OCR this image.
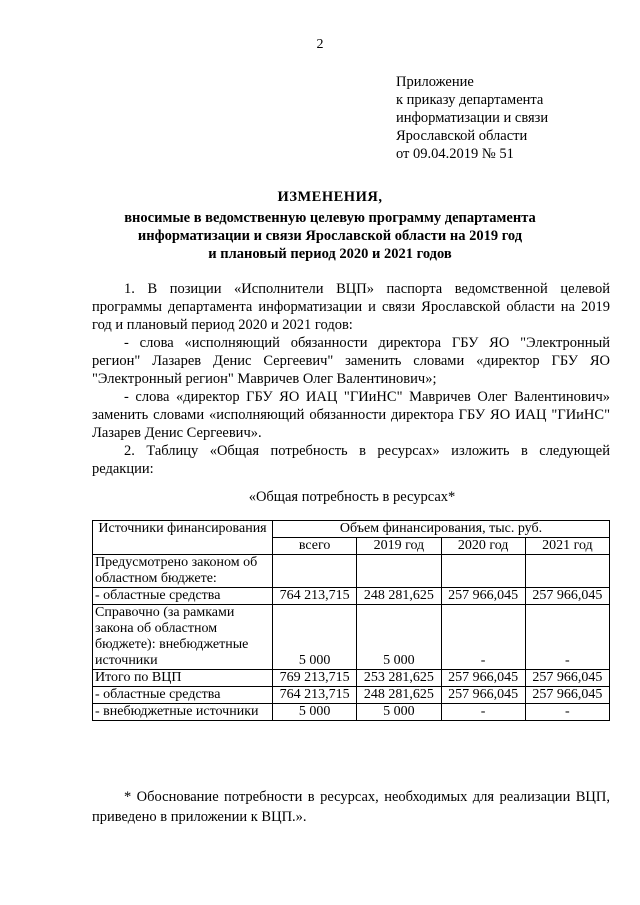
2
Приложение
к приказу департамента
информатизации и связи
Ярославской области
от 09.04.2019 № 51
ИЗМЕНЕНИЯ,
вносимые в ведомственную целевую программу департамента
информатизации и связи Ярославской области на 2019 год
и плановый период 2020 и 2021 годов

1. В позиции «Исполнители ВЦП» паспорта ведомственной целевой программы департамента информатизации и связи Ярославской области на 2019 год и плановый период 2020 и 2021 годов:

- слова «исполняющий обязанности директора ГБУ ЯО "Электронный регион" Лазарев Денис Сергеевич" заменить словами «директор ГБУ ЯО "Электронный регион" Мавричев Олег Валентинович»;

- слова «директор ГБУ ЯО ИАЦ "ГИиНС" Мавричев Олег Валентинович» заменить словами «исполняющий обязанности директора ГБУ ЯО ИАЦ "ГИиНС" Лазарев Денис Сергеевич».

2. Таблицу «Общая потребность в ресурсах» изложить в следующей редакции:

«Общая потребность в ресурсах*
Источники финансирования	Объем финансирования, тыс. руб.			
	всего	2019 год	2020 год	2021 год
Предусмотрено законом об областном бюджете:				
- областные средства	764 213,715	248 281,625	257 966,045	257 966,045
Справочно (за рамками закона об областном бюджете): внебюджетные источники	5 000	5 000	-	-
Итого по ВЦП	769 213,715	253 281,625	257 966,045	257 966,045
- областные средства	764 213,715	248 281,625	257 966,045	257 966,045
- внебюджетные источники	5 000	5 000	-	-

* Обоснование потребности в ресурсах, необходимых для реализации ВЦП, приведено в приложении к ВЦП.».
